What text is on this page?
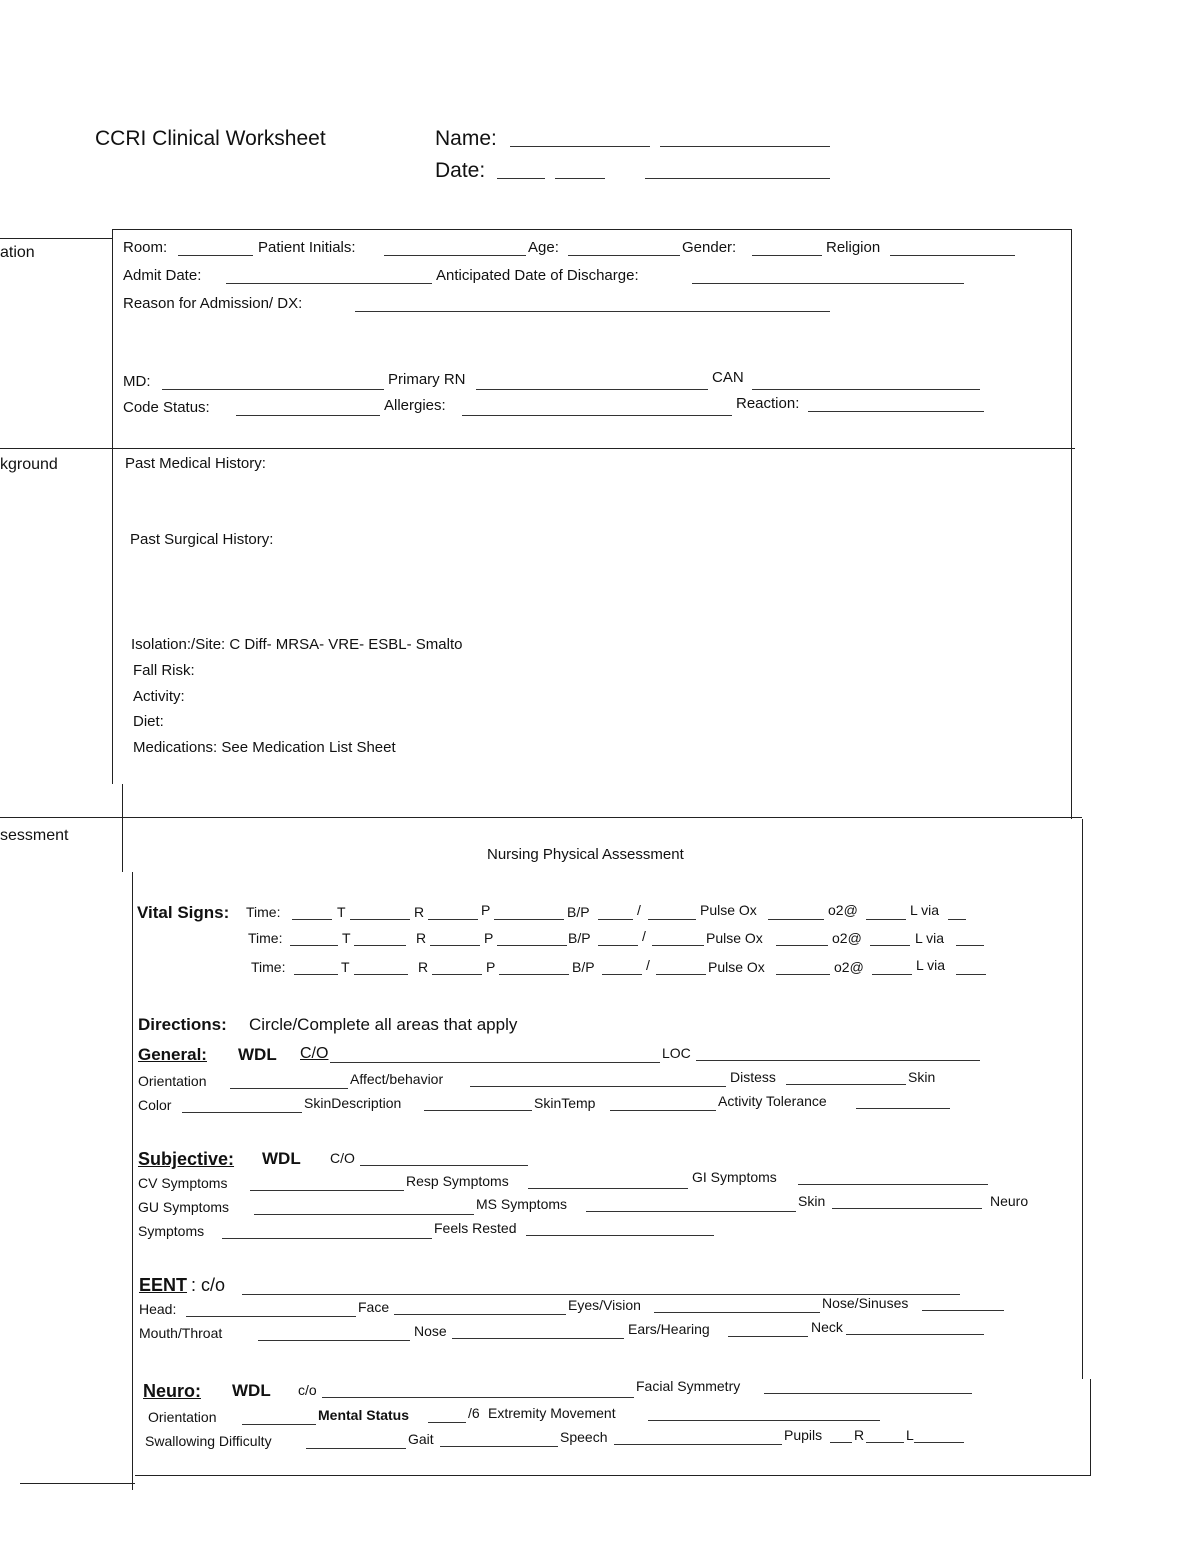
CCRI Clinical Worksheet	Name:
Date:
ation
kground
sessment
Room:	Patient Initials:	Age:	Gender:	Religion
Admit Date:	Anticipated Date of Discharge:
Reason for Admission/ DX:
MD:	Primary RN	CAN
Code Status:	Allergies:	Reaction:
Past Medical History:
Past Surgical History:
Isolation:/Site: C Diff- MRSA- VRE- ESBL- Smalto
Fall Risk:
Activity:
Diet:
Medications: See Medication List Sheet
Nursing Physical Assessment
Vital Signs: Time:	T	R	P	B/P	/	Pulse Ox	o2@	L via
Time:	T	R	P	B/P	/	Pulse Ox	o2@	L via
Time:	T	R	P	B/P	/	Pulse Ox	o2@	L via
Directions: Circle/Complete all areas that apply
General: WDL C/O	LOC
Orientation	Affect/behavior	Distess	Skin
Color	SkinDescription	SkinTemp	Activity Tolerance
Subjective: WDL C/O
CV Symptoms	Resp Symptoms	GI Symptoms
GU Symptoms	MS Symptoms	Skin	Neuro
Symptoms	Feels Rested
EENT : c/o
Head:	Face	Eyes/Vision	Nose/Sinuses
Mouth/Throat	Nose	Ears/Hearing	Neck
Neuro: WDL c/o	Facial Symmetry
Orientation	Mental Status	/6 Extremity Movement
Swallowing Difficulty	Gait	Speech	Pupils R	L
